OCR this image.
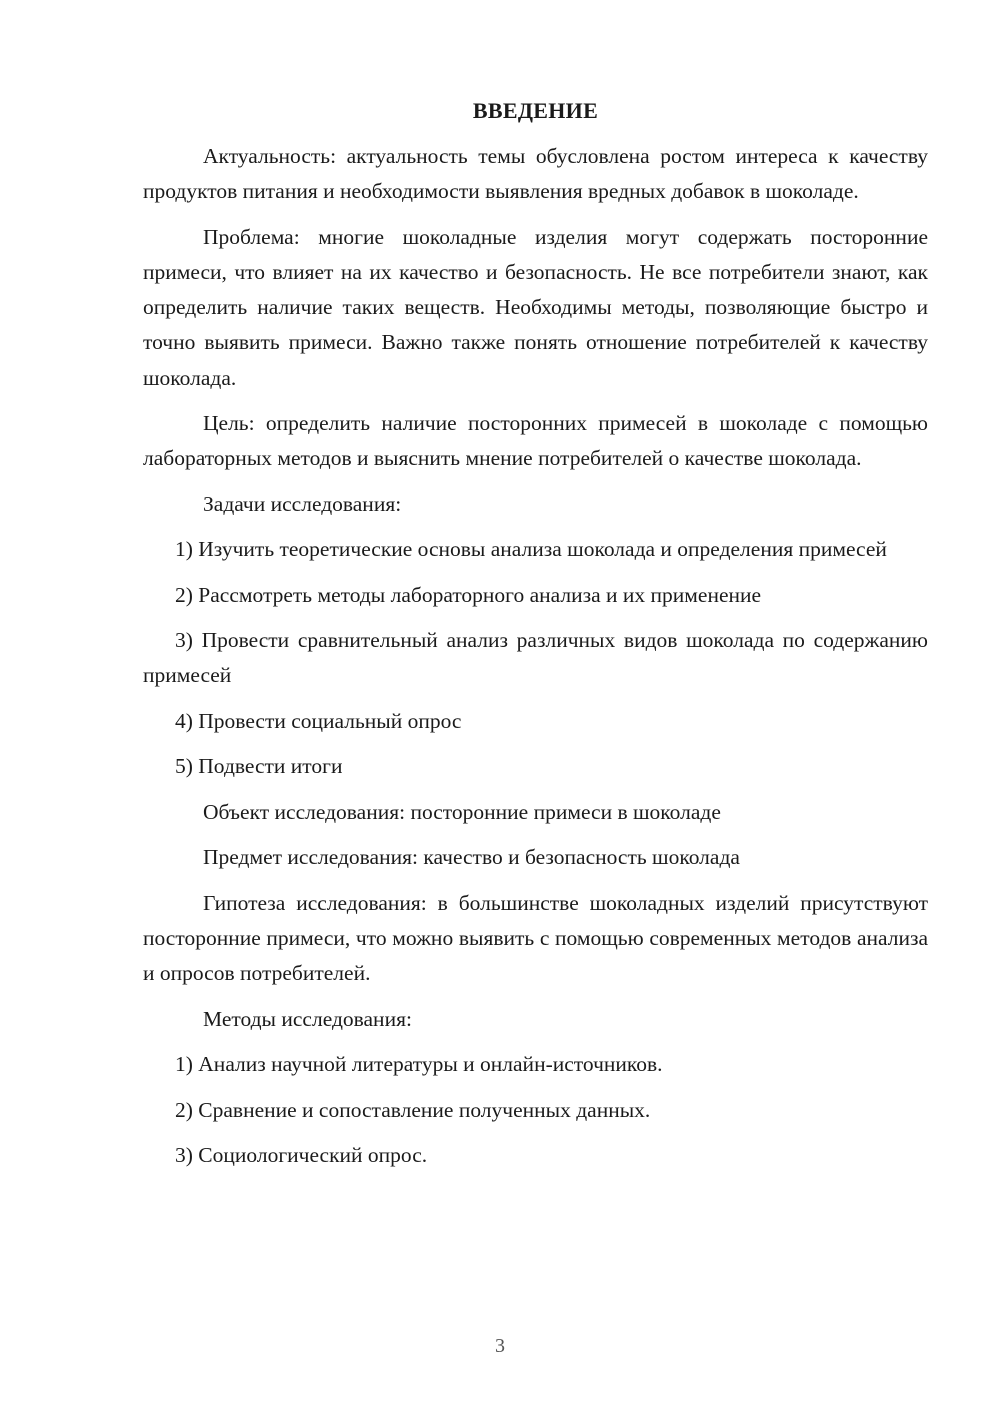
ВВЕДЕНИЕ

Актуальность: актуальность темы обусловлена ростом интереса к качеству продуктов питания и необходимости выявления вредных добавок в шоколаде.

Проблема: многие шоколадные изделия могут содержать посторонние примеси, что влияет на их качество и безопасность. Не все потребители знают, как определить наличие таких веществ. Необходимы методы, позволяющие быстро и точно выявить примеси. Важно также понять отношение потребителей к качеству шоколада.

Цель: определить наличие посторонних примесей в шоколаде с помощью лабораторных методов и выяснить мнение потребителей о качестве шоколада.

Задачи исследования:

1) Изучить теоретические основы анализа шоколада и определения примесей

2) Рассмотреть методы лабораторного анализа и их применение

3) Провести сравнительный анализ различных видов шоколада по содержанию примесей

4) Провести социальный опрос

5) Подвести итоги

Объект исследования: посторонние примеси в шоколаде

Предмет исследования: качество и безопасность шоколада

Гипотеза исследования: в большинстве шоколадных изделий присутствуют посторонние примеси, что можно выявить с помощью современных методов анализа и опросов потребителей.

Методы исследования:

1) Анализ научной литературы и онлайн-источников.

2) Сравнение и сопоставление полученных данных.

3) Социологический опрос.

3
